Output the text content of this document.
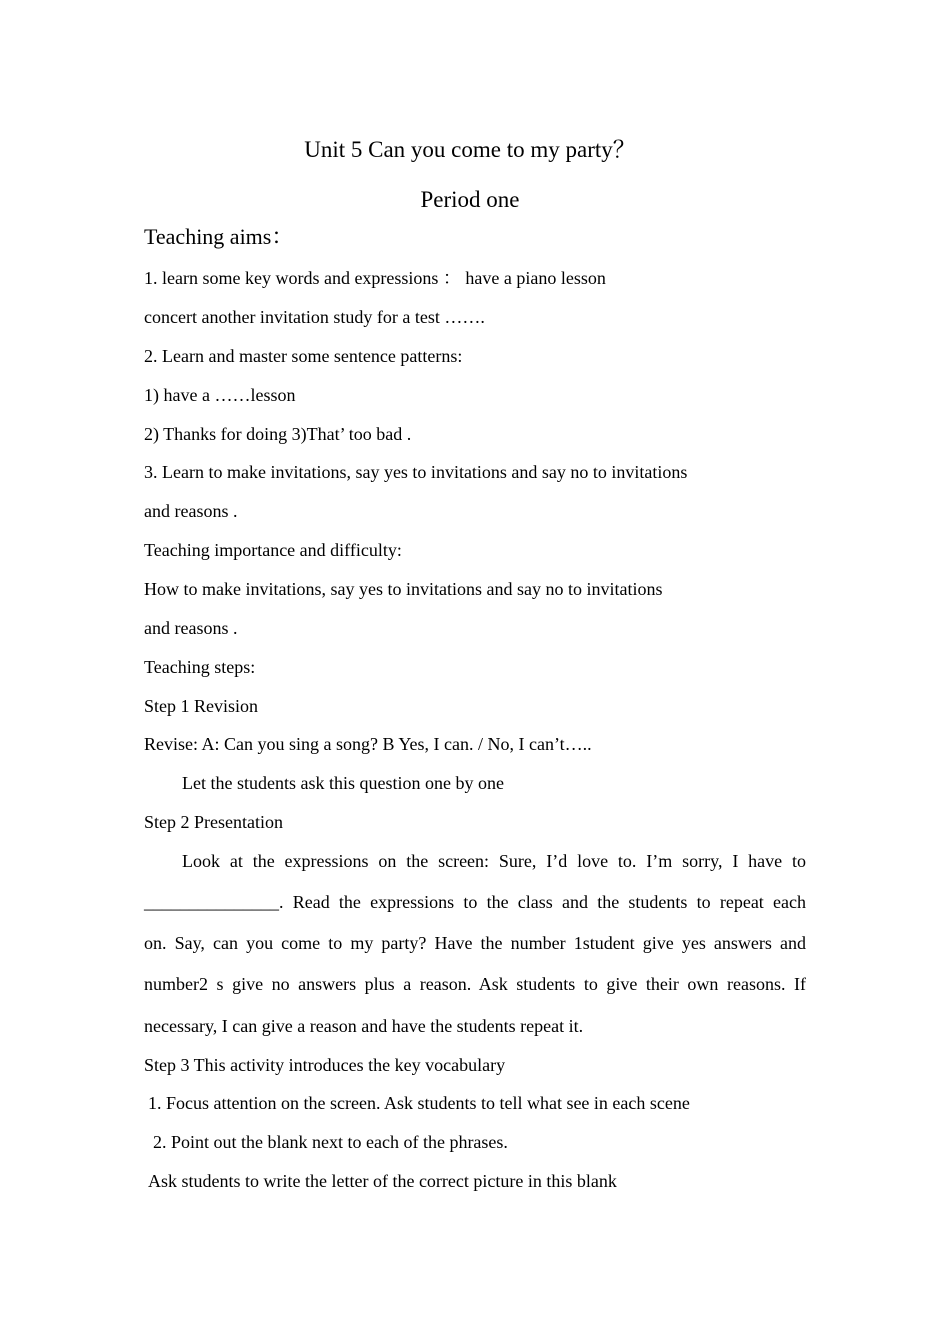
Unit 5 Can you come to my party？
Period one
Teaching aims：
1. learn some key words and expressions ： have a piano lesson
concert another invitation study for a test …….
2. Learn and master some sentence patterns:
1) have a ……lesson
2) Thanks for doing 3)That’ too bad .
3. Learn to make invitations, say yes to invitations and say no to invitations
and reasons .
Teaching importance and difficulty:
How to make invitations, say yes to invitations and say no to invitations
and reasons .
Teaching steps:
Step 1 Revision
Revise: A: Can you sing a song? B Yes, I can. / No, I can’t…..
Let the students ask this question one by one
Step 2 Presentation
Look at the expressions on the screen: Sure, I’d love to. I’m sorry, I have to
_______________. Read the expressions to the class and the students to repeat each
on. Say, can you come to my party? Have the number 1student give yes answers and
number2 s give no answers plus a reason. Ask students to give their own reasons. If
necessary, I can give a reason and have the students repeat it.
Step 3 This activity introduces the key vocabulary
1. Focus attention on the screen. Ask students to tell what see in each scene
2. Point out the blank next to each of the phrases.
Ask students to write the letter of the correct picture in this blank
